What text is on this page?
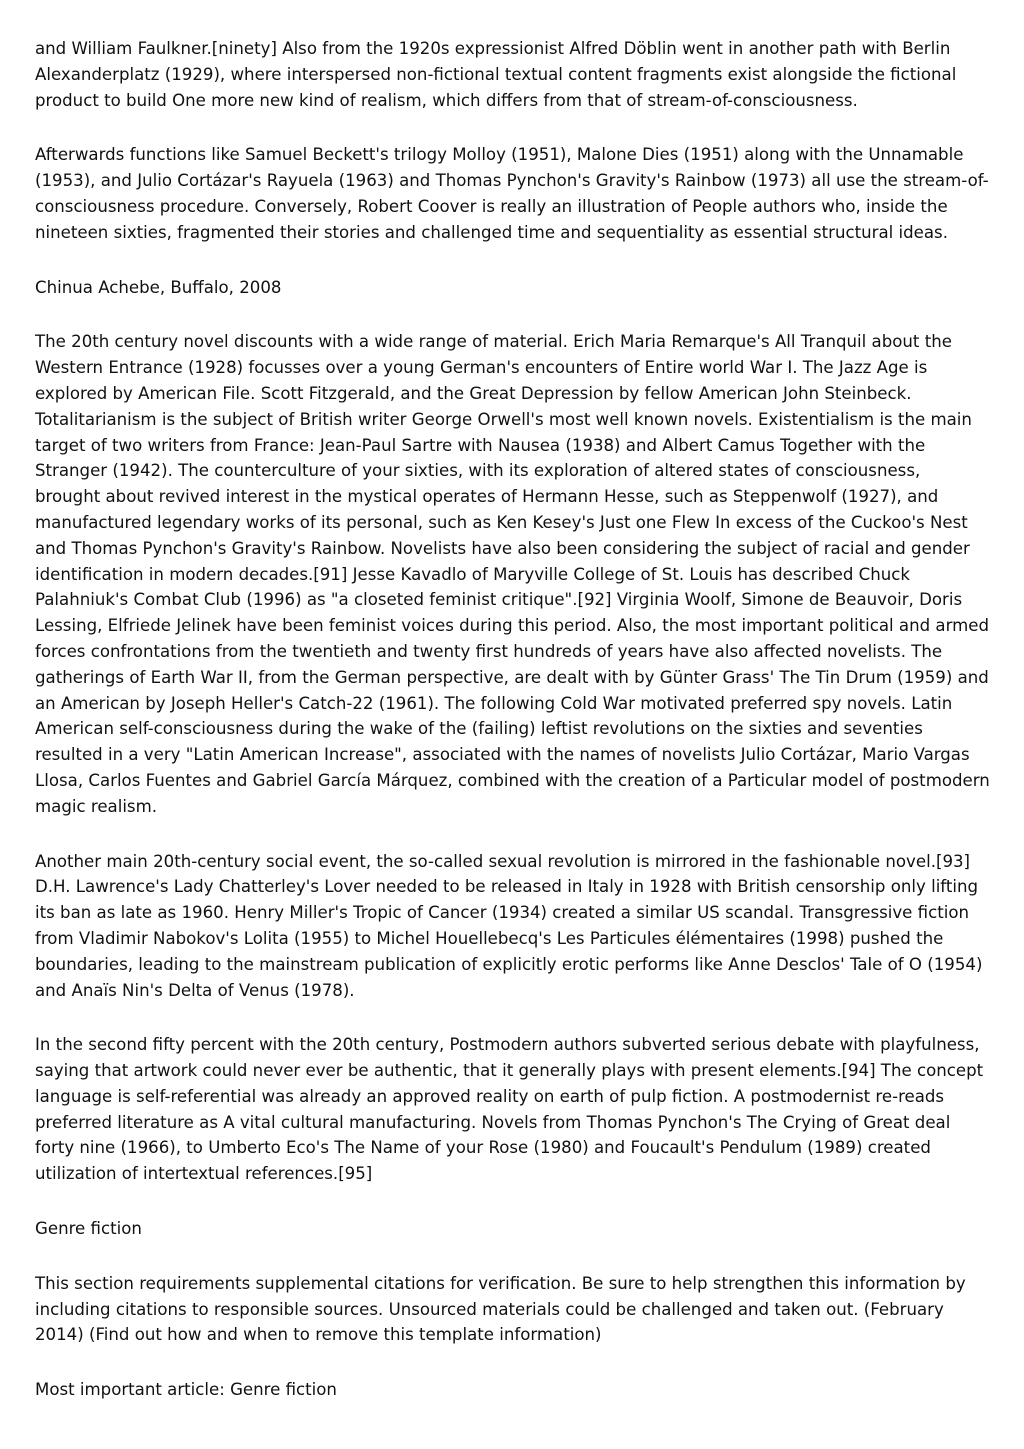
and William Faulkner.[ninety] Also from the 1920s expressionist Alfred Döblin went in another path with Berlin Alexanderplatz (1929), where interspersed non-fictional textual content fragments exist alongside the fictional product to build One more new kind of realism, which differs from that of stream-of-consciousness.

Afterwards functions like Samuel Beckett's trilogy Molloy (1951), Malone Dies (1951) along with the Unnamable (1953), and Julio Cortázar's Rayuela (1963) and Thomas Pynchon's Gravity's Rainbow (1973) all use the stream-of-consciousness procedure. Conversely, Robert Coover is really an illustration of People authors who, inside the nineteen sixties, fragmented their stories and challenged time and sequentiality as essential structural ideas.

Chinua Achebe, Buffalo, 2008

The 20th century novel discounts with a wide range of material. Erich Maria Remarque's All Tranquil about the Western Entrance (1928) focusses over a young German's encounters of Entire world War I. The Jazz Age is explored by American File. Scott Fitzgerald, and the Great Depression by fellow American John Steinbeck. Totalitarianism is the subject of British writer George Orwell's most well known novels. Existentialism is the main target of two writers from France: Jean-Paul Sartre with Nausea (1938) and Albert Camus Together with the Stranger (1942). The counterculture of your sixties, with its exploration of altered states of consciousness, brought about revived interest in the mystical operates of Hermann Hesse, such as Steppenwolf (1927), and manufactured legendary works of its personal, such as Ken Kesey's Just one Flew In excess of the Cuckoo's Nest and Thomas Pynchon's Gravity's Rainbow. Novelists have also been considering the subject of racial and gender identification in modern decades.[91] Jesse Kavadlo of Maryville College of St. Louis has described Chuck Palahniuk's Combat Club (1996) as "a closeted feminist critique".[92] Virginia Woolf, Simone de Beauvoir, Doris Lessing, Elfriede Jelinek have been feminist voices during this period. Also, the most important political and armed forces confrontations from the twentieth and twenty first hundreds of years have also affected novelists. The gatherings of Earth War II, from the German perspective, are dealt with by Günter Grass' The Tin Drum (1959) and an American by Joseph Heller's Catch-22 (1961). The following Cold War motivated preferred spy novels. Latin American self-consciousness during the wake of the (failing) leftist revolutions on the sixties and seventies resulted in a very "Latin American Increase", associated with the names of novelists Julio Cortázar, Mario Vargas Llosa, Carlos Fuentes and Gabriel García Márquez, combined with the creation of a Particular model of postmodern magic realism.

Another main 20th-century social event, the so-called sexual revolution is mirrored in the fashionable novel.[93] D.H. Lawrence's Lady Chatterley's Lover needed to be released in Italy in 1928 with British censorship only lifting its ban as late as 1960. Henry Miller's Tropic of Cancer (1934) created a similar US scandal. Transgressive fiction from Vladimir Nabokov's Lolita (1955) to Michel Houellebecq's Les Particules élémentaires (1998) pushed the boundaries, leading to the mainstream publication of explicitly erotic performs like Anne Desclos' Tale of O (1954) and Anaïs Nin's Delta of Venus (1978).

In the second fifty percent with the 20th century, Postmodern authors subverted serious debate with playfulness, saying that artwork could never ever be authentic, that it generally plays with present elements.[94] The concept language is self-referential was already an approved reality on earth of pulp fiction. A postmodernist re-reads preferred literature as A vital cultural manufacturing. Novels from Thomas Pynchon's The Crying of Great deal forty nine (1966), to Umberto Eco's The Name of your Rose (1980) and Foucault's Pendulum (1989) created utilization of intertextual references.[95]

Genre fiction

This section requirements supplemental citations for verification. Be sure to help strengthen this information by including citations to responsible sources. Unsourced materials could be challenged and taken out. (February 2014) (Find out how and when to remove this template information)

Most important article: Genre fiction
